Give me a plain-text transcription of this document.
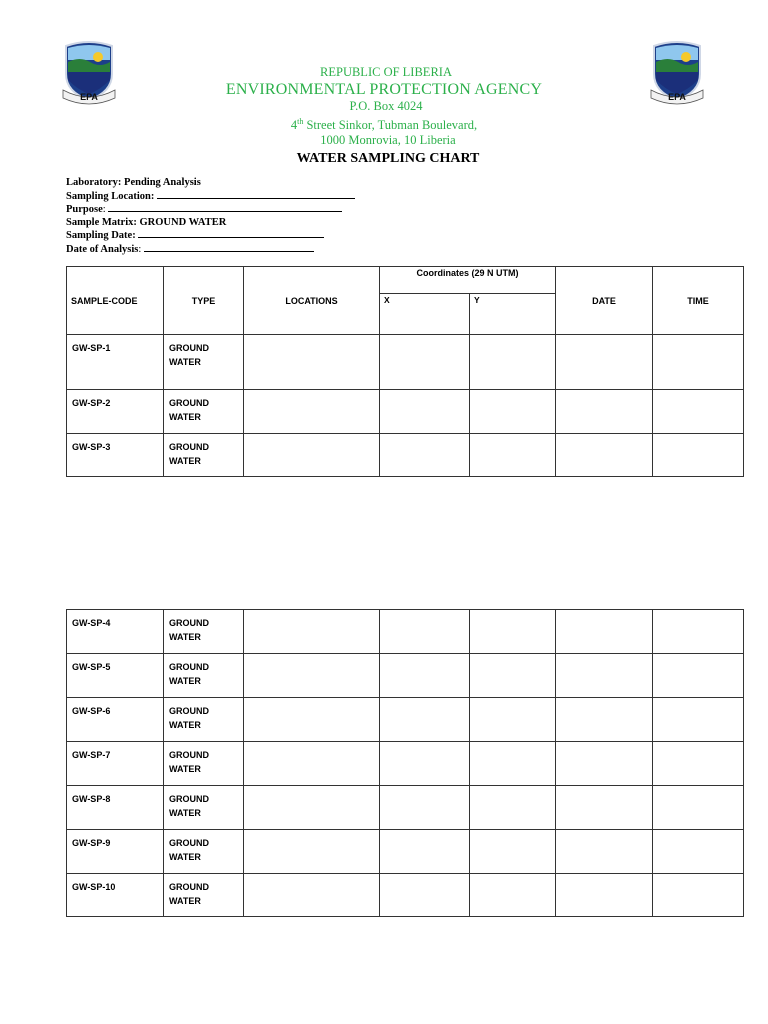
EPA	EPA
REPUBLIC OF LIBERIA
ENVIRONMENTAL PROTECTION AGENCY
P.O. Box 4024
4th Street Sinkor, Tubman Boulevard,
1000 Monrovia, 10 Liberia
WATER SAMPLING CHART
Laboratory: Pending Analysis
Sampling Location:
Purpose:
Sample Matrix: GROUND WATER
Sampling Date:
Date of Analysis:
SAMPLE-CODE	TYPE	LOCATIONS	Coordinates (29 N UTM)		DATE	TIME
			X	Y		

GW-SP-1	GROUND
WATER					

GW-SP-2	GROUND
WATER					

GW-SP-3	GROUND
WATER					

GW-SP-4	GROUND
WATER					

GW-SP-5	GROUND
WATER					

GW-SP-6	GROUND
WATER					

GW-SP-7	GROUND
WATER					

GW-SP-8	GROUND
WATER					

GW-SP-9	GROUND
WATER					

GW-SP-10	GROUND
WATER					
